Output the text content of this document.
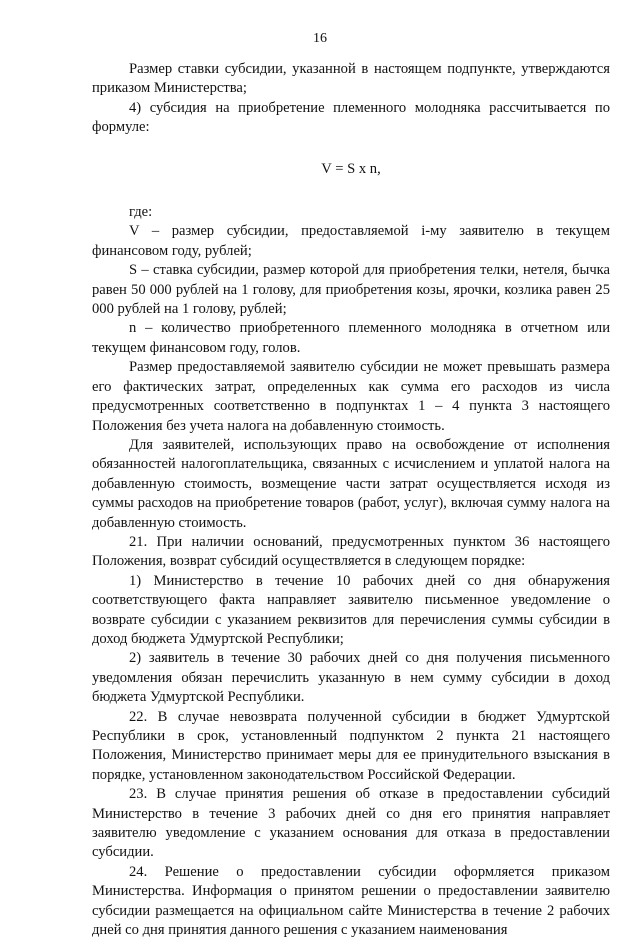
16

Размер ставки субсидии, указанной в настоящем подпункте, утверждаются приказом Министерства;

4) субсидия на приобретение племенного молодняка рассчитывается по формуле:

V = S x n,

где:

V – размер субсидии, предоставляемой i-му заявителю в текущем финансовом году, рублей;

S – ставка субсидии, размер которой для приобретения телки, нетеля, бычка равен 50 000 рублей на 1 голову, для приобретения козы, ярочки, козлика равен 25 000 рублей на 1 голову, рублей;

n – количество приобретенного племенного молодняка в отчетном или текущем финансовом году, голов.

Размер предоставляемой заявителю субсидии не может превышать размера его фактических затрат, определенных как сумма его расходов из числа предусмотренных соответственно в подпунктах 1 – 4 пункта 3 настоящего Положения без учета налога на добавленную стоимость.

Для заявителей, использующих право на освобождение от исполнения обязанностей налогоплательщика, связанных с исчислением и уплатой налога на добавленную стоимость, возмещение части затрат осуществляется исходя из суммы расходов на приобретение товаров (работ, услуг), включая сумму налога на добавленную стоимость.

21. При наличии оснований, предусмотренных пунктом 36 настоящего Положения, возврат субсидий осуществляется в следующем порядке:

1) Министерство в течение 10 рабочих дней со дня обнаружения соответствующего факта направляет заявителю письменное уведомление о возврате субсидии с указанием реквизитов для перечисления суммы субсидии в доход бюджета Удмуртской Республики;

2) заявитель в течение 30 рабочих дней со дня получения письменного уведомления обязан перечислить указанную в нем сумму субсидии в доход бюджета Удмуртской Республики.

22. В случае невозврата полученной субсидии в бюджет Удмуртской Республики в срок, установленный подпунктом 2 пункта 21 настоящего Положения, Министерство принимает меры для ее принудительного взыскания в порядке, установленном законодательством Российской Федерации.

23. В случае принятия решения об отказе в предоставлении субсидий Министерство в течение 3 рабочих дней со дня его принятия направляет заявителю уведомление с указанием основания для отказа в предоставлении субсидии.

24. Решение о предоставлении субсидии оформляется приказом Министерства. Информация о принятом решении о предоставлении заявителю субсидии размещается на официальном сайте Министерства в течение 2 рабочих дней со дня принятия данного решения с указанием наименования
